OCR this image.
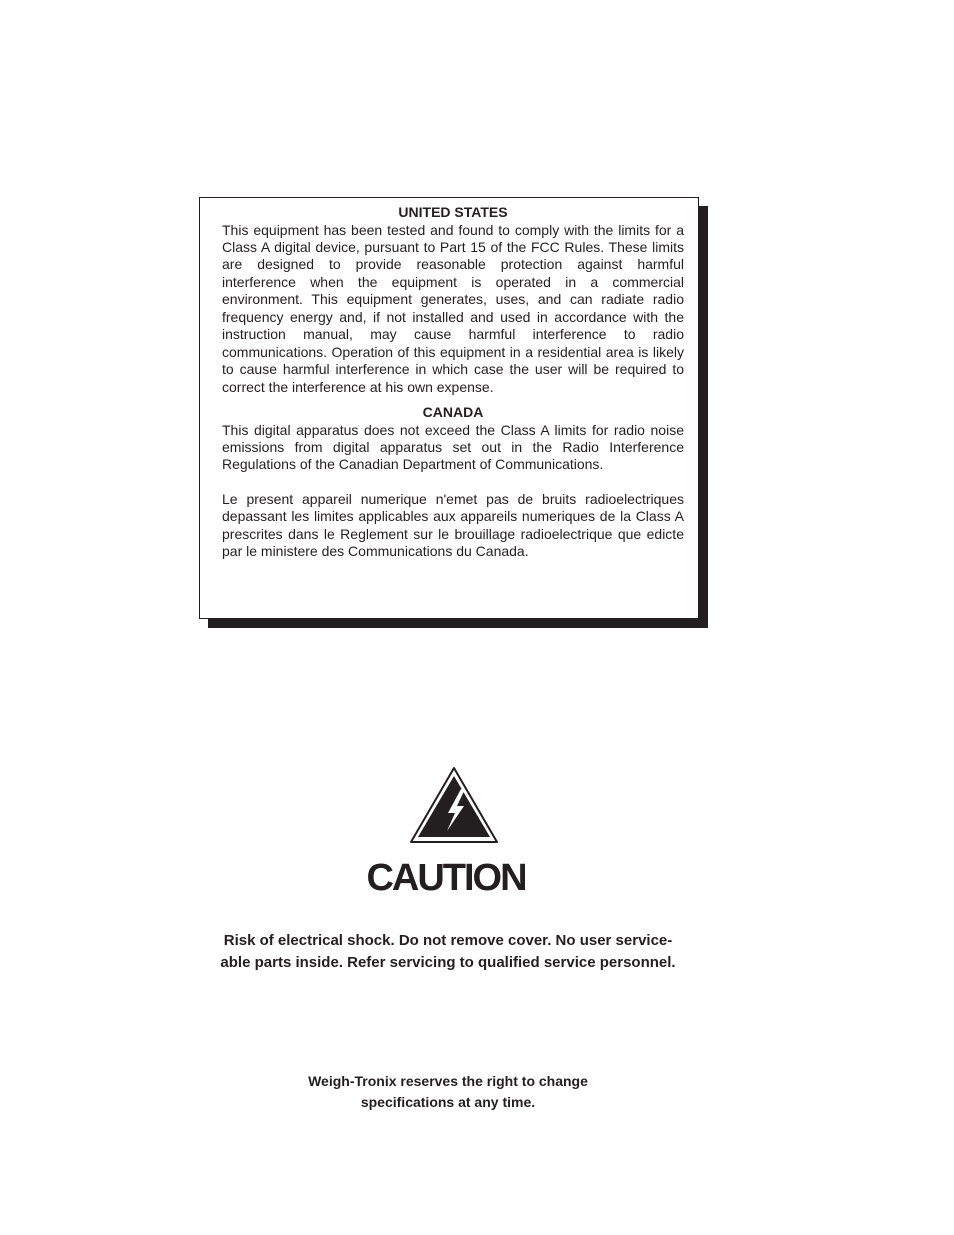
UNITED STATES

This equipment has been tested and found to comply with the limits for a Class A digital device, pursuant to Part 15 of the FCC Rules. These limits are designed to provide reasonable protection against harmful interference when the equipment is operated in a commercial environment. This equipment generates, uses, and can radiate radio frequency energy and, if not installed and used in accordance with the instruction manual, may cause harmful interference to radio communications. Operation of this equipment in a residential area is likely to cause harmful interference in which case the user will be required to correct the interference at his own expense.

CANADA

This digital apparatus does not exceed the Class A limits for radio noise emissions from digital apparatus set out in the Radio Interference Regulations of the Canadian Department of Communications.

Le present appareil numerique n'emet pas de bruits radioelectriques depassant les limites applicables aux appareils numeriques de la Class A prescrites dans le Reglement sur le brouillage radioelectrique que edicte par le ministere des Communications du Canada.

CAUTION

Risk of electrical shock. Do not remove cover. No user service-
able parts inside. Refer servicing to qualified service personnel.
Weigh-Tronix reserves the right to change
specifications at any time.
